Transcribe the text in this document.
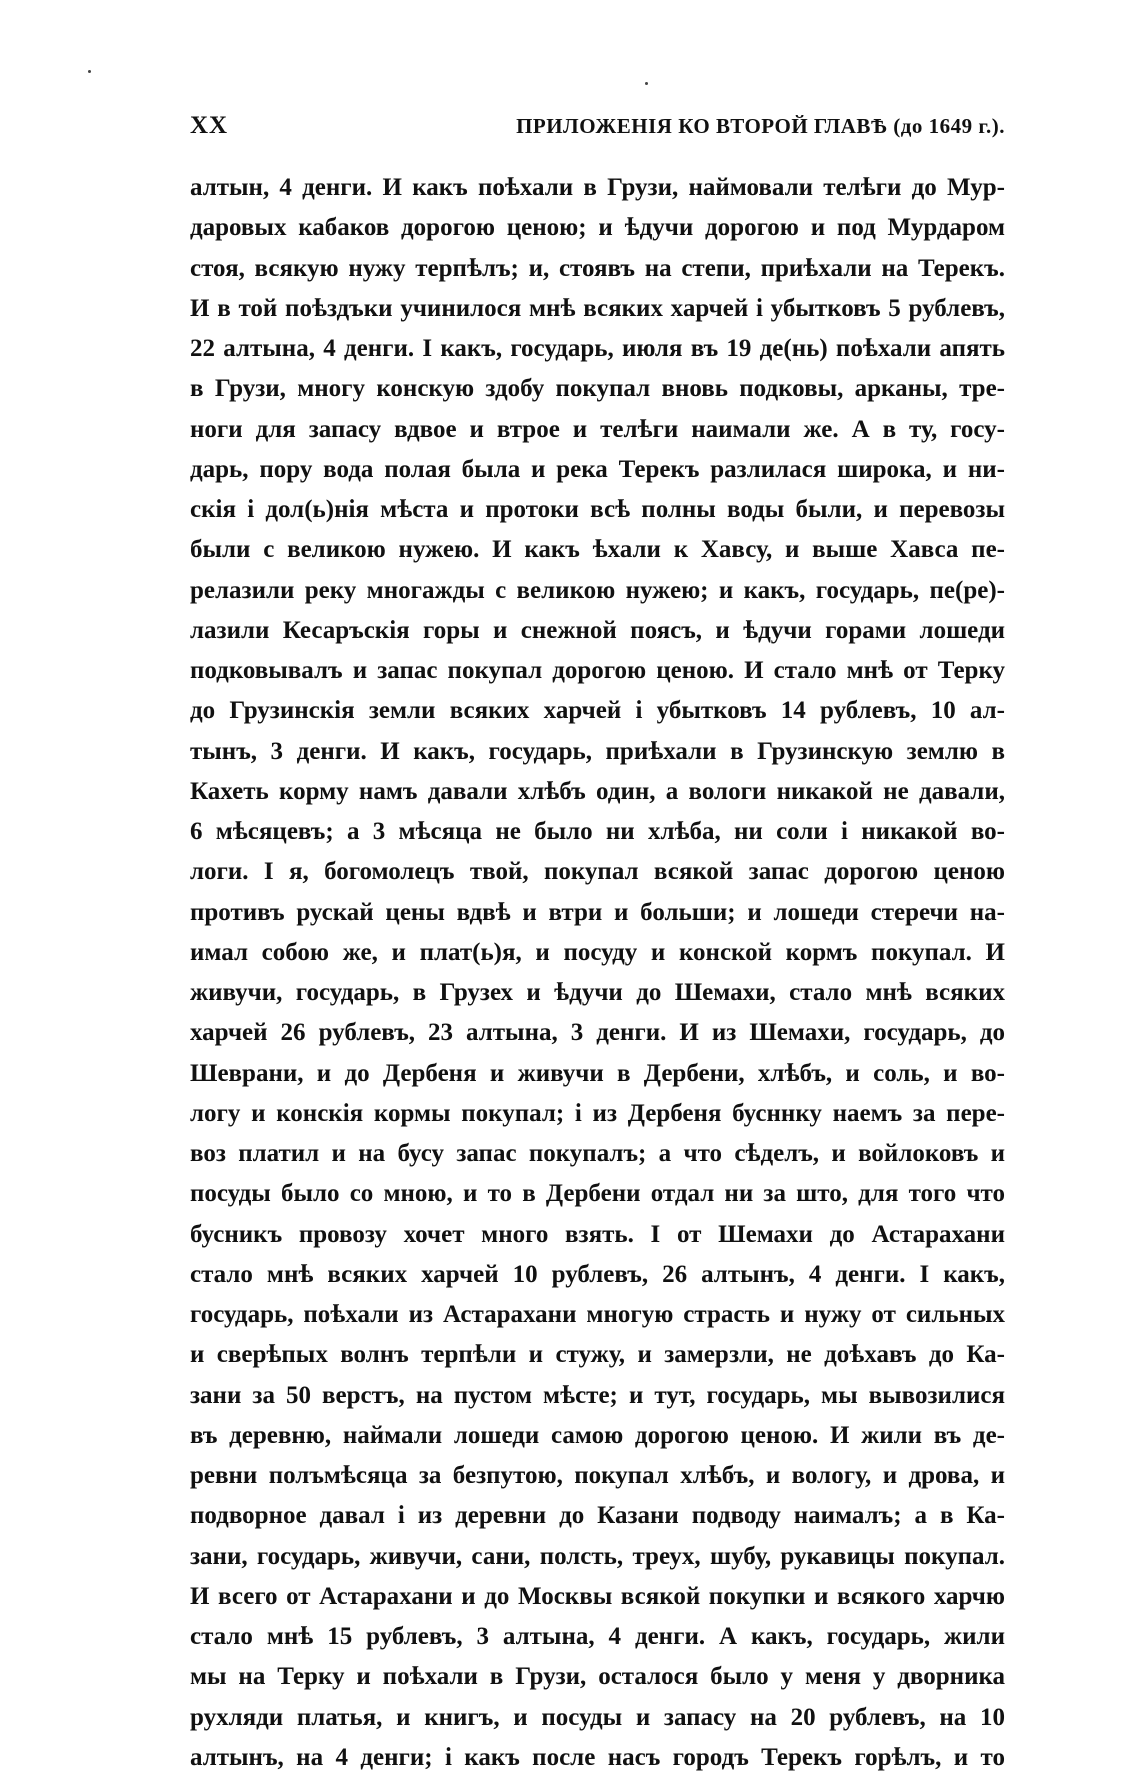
XX	ПРИЛОЖЕНІЯ КО ВТОРОЙ ГЛАВѢ (до 1649 г.).
алтын, 4 денги. И какъ поѣхали в Грузи, наймовали телѣги до Мур-
даровых кабаков дорогою ценою; и ѣдучи дорогою и под Мурдаром
стоя, всякую нужу терпѣлъ; и, стоявъ на степи, приѣхали на Терекъ.
И в той поѣздъки учинилося мнѣ всяких харчей і убытковъ 5 рублевъ,
22 алтына, 4 денги. І какъ, государь, июля въ 19 де(нь) поѣхали апять
в Грузи, многу конскую здобу покупал вновь подковы, арканы, тре-
ноги для запасу вдвое и втрое и телѣги наимали же. А в ту, госу-
дарь, пору вода полая была и река Терекъ разлилася широка, и ни-
скія і дол(ь)нія мѣста и протоки всѣ полны воды были, и перевозы
были с великою нужею. И какъ ѣхали к Хавсу, и выше Хавса пе-
релазили реку многажды с великою нужею; и какъ, государь, пе(ре)-
лазили Кесаръскія горы и снежной поясъ, и ѣдучи горами лошеди
подковывалъ и запас покупал дорогою ценою. И стало мнѣ от Терку
до Грузинскія земли всяких харчей і убытковъ 14 рублевъ, 10 ал-
тынъ, 3 денги. И какъ, государь, приѣхали в Грузинскую землю в
Кахеть корму намъ давали хлѣбъ один, а вологи никакой не давали,
6 мѣсяцевъ; а 3 мѣсяца не было ни хлѣба, ни соли і никакой во-
логи. І я, богомолецъ твой, покупал всякой запас дорогою ценою
противъ рускай цены вдвѣ и втри и больши; и лошеди стеречи на-
имал собою же, и плат(ь)я, и посуду и конской кормъ покупал. И
живучи, государь, в Грузех и ѣдучи до Шемахи, стало мнѣ всяких
харчей 26 рублевъ, 23 алтына, 3 денги. И из Шемахи, государь, до
Шеврани, и до Дербеня и живучи в Дербени, хлѣбъ, и соль, и во-
логу и конскія кормы покупал; і из Дербеня бусннку наемъ за пере-
воз платил и на бусу запас покупалъ; а что сѣделъ, и войлоковъ и
посуды было со мною, и то в Дербени отдал ни за што, для того что
бусникъ провозу хочет много взять. І от Шемахи до Астарахани
стало мнѣ всяких харчей 10 рублевъ, 26 алтынъ, 4 денги. І какъ,
государь, поѣхали из Астарахани многую страсть и нужу от сильных
и сверѣпых волнъ терпѣли и стужу, и замерзли, не доѣхавъ до Ка-
зани за 50 верстъ, на пустом мѣсте; и тут, государь, мы вывозилися
въ деревню, наймали лошеди самою дорогою ценою. И жили въ де-
ревни полъмѣсяца за безпутою, покупал хлѣбъ, и вологу, и дрова, и
подворное давал і из деревни до Казани подводу наималъ; а в Ка-
зани, государь, живучи, сани, полсть, треух, шубу, рукавицы покупал.
И всего от Астарахани и до Москвы всякой покупки и всякого харчю
стало мнѣ 15 рублевъ, 3 алтына, 4 денги. А какъ, государь, жили
мы на Терку и поѣхали в Грузи, осталося было у меня у дворника
рухляди платья, и книгъ, и посуды и запасу на 20 рублевъ, на 10
алтынъ, на 4 денги; і какъ после насъ городъ Терекъ горѣлъ, и то
